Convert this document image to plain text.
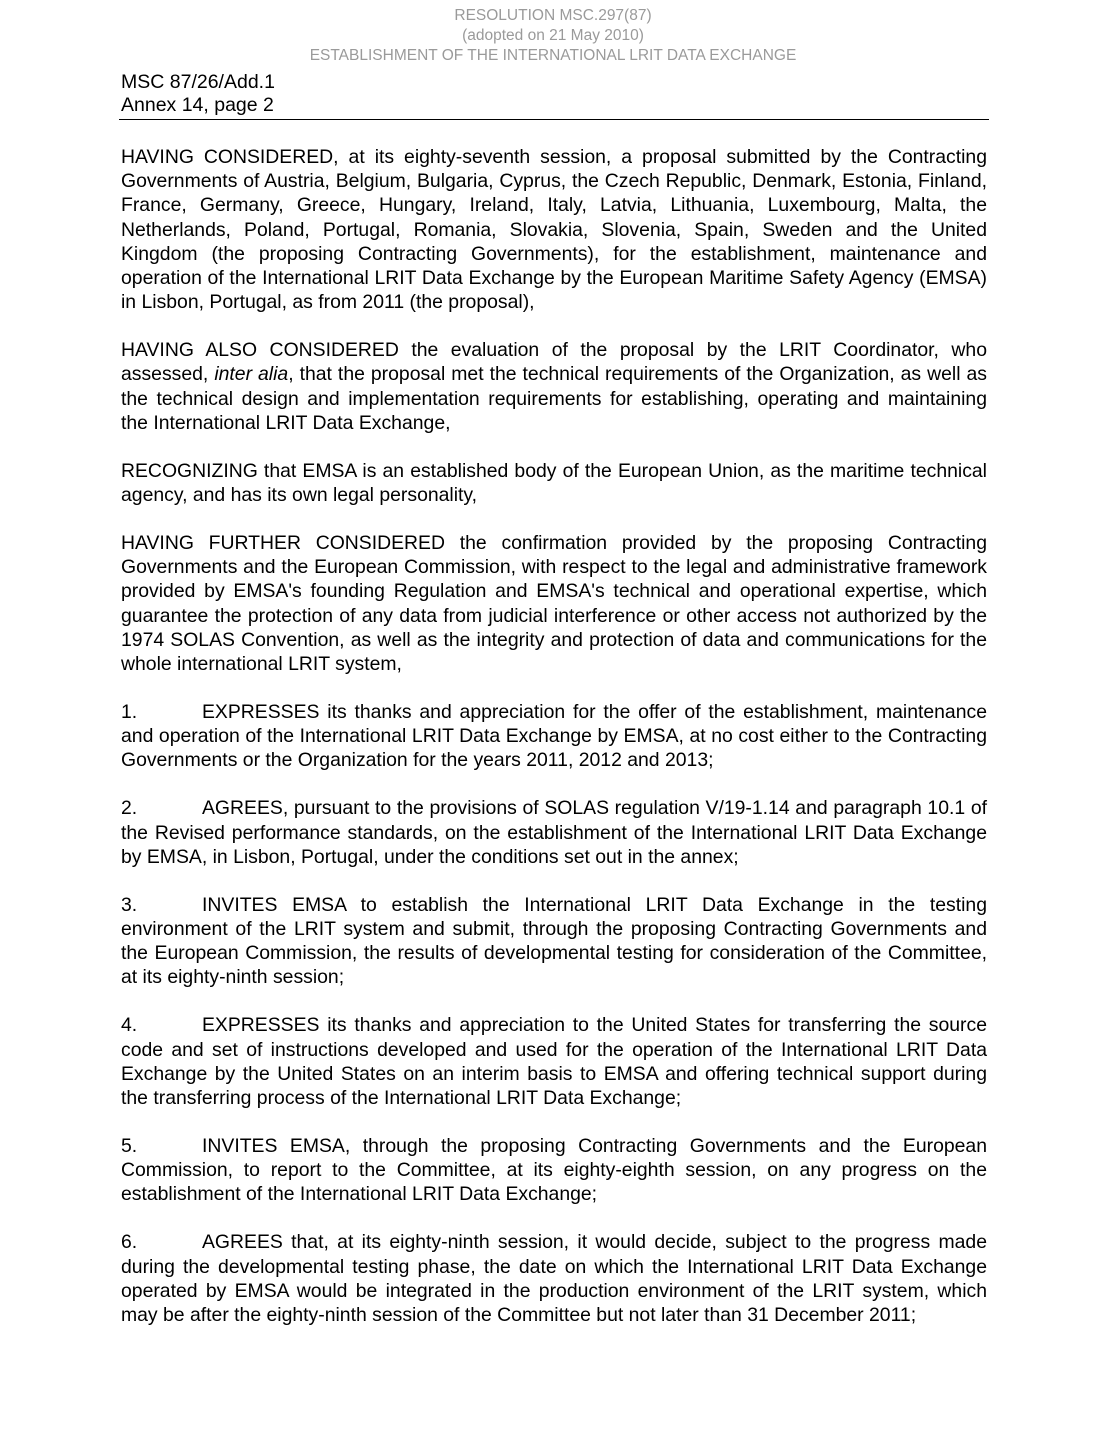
RESOLUTION MSC.297(87)
(adopted on 21 May 2010)
ESTABLISHMENT OF THE INTERNATIONAL LRIT DATA EXCHANGE
MSC 87/26/Add.1
Annex 14, page 2

HAVING CONSIDERED, at its eighty-seventh session, a proposal submitted by the Contracting Governments of Austria, Belgium, Bulgaria, Cyprus, the Czech Republic, Denmark, Estonia, Finland, France, Germany, Greece, Hungary, Ireland, Italy, Latvia, Lithuania, Luxembourg, Malta, the Netherlands, Poland, Portugal, Romania, Slovakia, Slovenia, Spain, Sweden and the United Kingdom (the proposing Contracting Governments), for the establishment, maintenance and operation of the International LRIT Data Exchange by the European Maritime Safety Agency (EMSA) in Lisbon, Portugal, as from 2011 (the proposal),

HAVING ALSO CONSIDERED the evaluation of the proposal by the LRIT Coordinator, who assessed, inter alia, that the proposal met the technical requirements of the Organization, as well as the technical design and implementation requirements for establishing, operating and maintaining the International LRIT Data Exchange,

RECOGNIZING that EMSA is an established body of the European Union, as the maritime technical agency, and has its own legal personality,

HAVING FURTHER CONSIDERED the confirmation provided by the proposing Contracting Governments and the European Commission, with respect to the legal and administrative framework provided by EMSA's founding Regulation and EMSA's technical and operational expertise, which guarantee the protection of any data from judicial interference or other access not authorized by the 1974 SOLAS Convention, as well as the integrity and protection of data and communications for the whole international LRIT system,

1.	EXPRESSES its thanks and appreciation for the offer of the establishment, maintenance and operation of the International LRIT Data Exchange by EMSA, at no cost either to the Contracting Governments or the Organization for the years 2011, 2012 and 2013;

2.	AGREES, pursuant to the provisions of SOLAS regulation V/19-1.14 and paragraph 10.1 of the Revised performance standards, on the establishment of the International LRIT Data Exchange by EMSA, in Lisbon, Portugal, under the conditions set out in the annex;

3.	INVITES EMSA to establish the International LRIT Data Exchange in the testing environment of the LRIT system and submit, through the proposing Contracting Governments and the European Commission, the results of developmental testing for consideration of the Committee, at its eighty-ninth session;

4.	EXPRESSES its thanks and appreciation to the United States for transferring the source code and set of instructions developed and used for the operation of the International LRIT Data Exchange by the United States on an interim basis to EMSA and offering technical support during the transferring process of the International LRIT Data Exchange;

5.	INVITES EMSA, through the proposing Contracting Governments and the European Commission, to report to the Committee, at its eighty-eighth session, on any progress on the establishment of the International LRIT Data Exchange;

6.	AGREES that, at its eighty-ninth session, it would decide, subject to the progress made during the developmental testing phase, the date on which the International LRIT Data Exchange operated by EMSA would be integrated in the production environment of the LRIT system, which may be after the eighty-ninth session of the Committee but not later than 31 December 2011;
